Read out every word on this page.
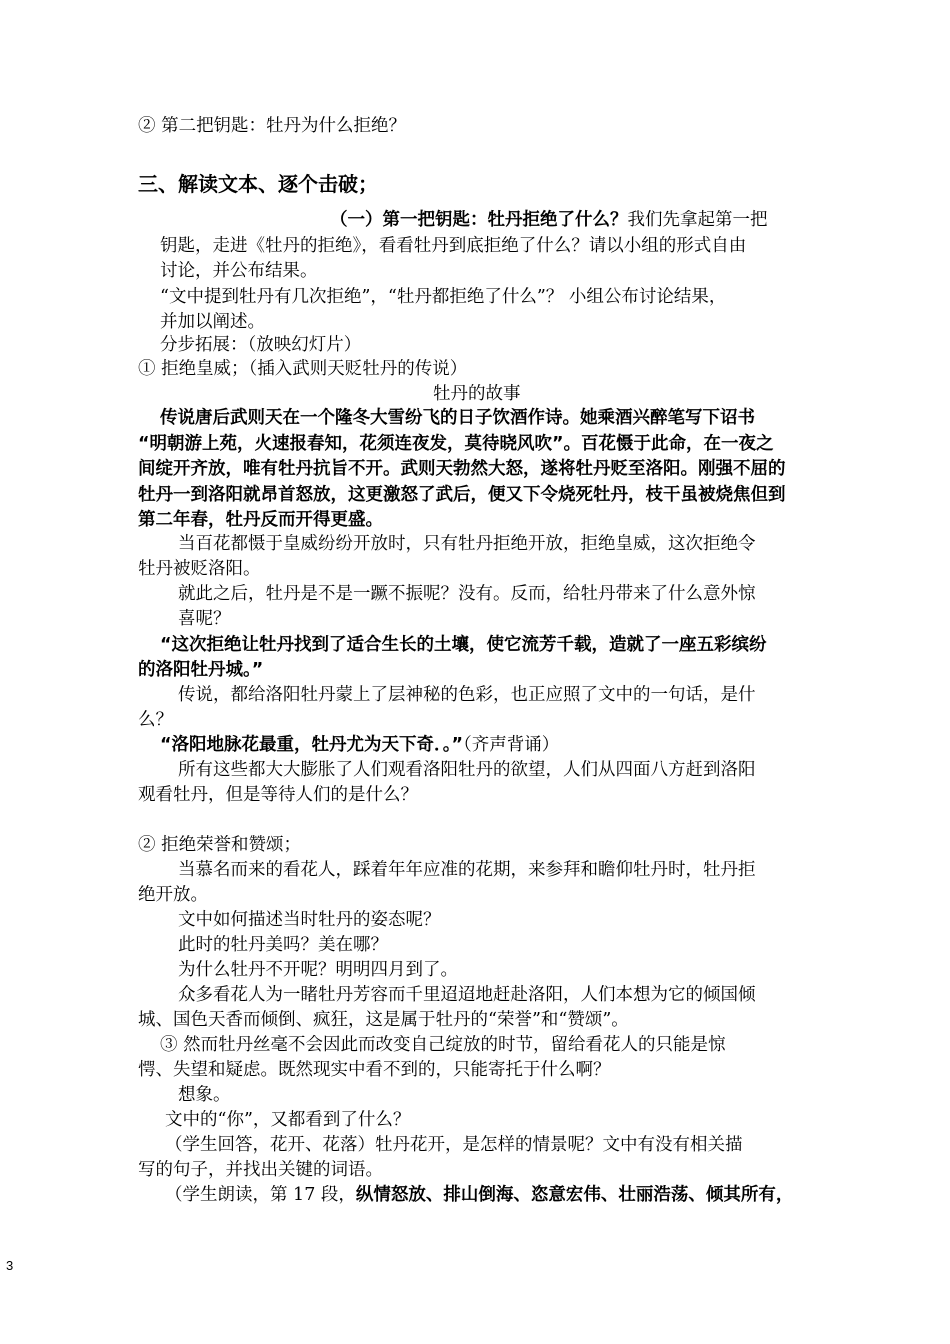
② 第二把钥匙：牡丹为什么拒绝？
三、解读文本、逐个击破；
（一）第一把钥匙：牡丹拒绝了什么？我们先拿起第一把
钥匙，走进《牡丹的拒绝》，看看牡丹到底拒绝了什么？请以小组的形式自由
讨论，并公布结果。
“文中提到牡丹有几次拒绝”，“牡丹都拒绝了什么”？ 小组公布讨论结果，
并加以阐述。
分步拓展：（放映幻灯片）
① 拒绝皇威；（插入武则天贬牡丹的传说）
牡丹的故事
传说唐后武则天在一个隆冬大雪纷飞的日子饮酒作诗。她乘酒兴醉笔写下诏书
“明朝游上苑，火速报春知，花须连夜发，莫待晓风吹”。百花慑于此命，在一夜之
间绽开齐放，唯有牡丹抗旨不开。武则天勃然大怒，遂将牡丹贬至洛阳。刚强不屈的
牡丹一到洛阳就昂首怒放，这更激怒了武后，便又下令烧死牡丹，枝干虽被烧焦但到
第二年春，牡丹反而开得更盛。
当百花都慑于皇威纷纷开放时，只有牡丹拒绝开放，拒绝皇威，这次拒绝令
牡丹被贬洛阳。
就此之后，牡丹是不是一蹶不振呢？没有。反而，给牡丹带来了什么意外惊
喜呢？
“这次拒绝让牡丹找到了适合生长的土壤，使它流芳千载，造就了一座五彩缤纷
的洛阳牡丹城。”
传说，都给洛阳牡丹蒙上了层神秘的色彩，也正应照了文中的一句话，是什
么？
“洛阳地脉花最重，牡丹尤为天下奇．。”（齐声背诵）
所有这些都大大膨胀了人们观看洛阳牡丹的欲望，人们从四面八方赶到洛阳
观看牡丹，但是等待人们的是什么？
② 拒绝荣誉和赞颂；
当慕名而来的看花人，踩着年年应准的花期，来参拜和瞻仰牡丹时，牡丹拒
绝开放。
文中如何描述当时牡丹的姿态呢？
此时的牡丹美吗？美在哪？
为什么牡丹不开呢？明明四月到了。
众多看花人为一睹牡丹芳容而千里迢迢地赶赴洛阳，人们本想为它的倾国倾
城、国色天香而倾倒、疯狂，这是属于牡丹的“荣誉”和“赞颂”。
③ 然而牡丹丝毫不会因此而改变自己绽放的时节，留给看花人的只能是惊
愕、失望和疑虑。既然现实中看不到的，只能寄托于什么啊？
想象。
文中的“你”，又都看到了什么？
（学生回答，花开、花落）牡丹花开，是怎样的情景呢？文中有没有相关描
写的句子，并找出关键的词语。
（学生朗读，第 17 段，纵情怒放、排山倒海、恣意宏伟、壮丽浩荡、倾其所有，
3
